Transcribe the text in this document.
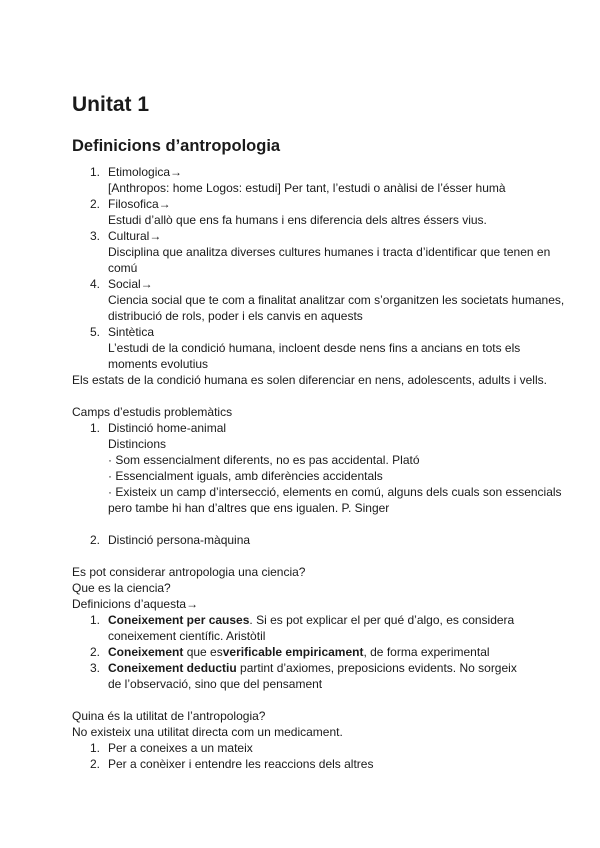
Unitat 1
Definicions d’antropologia
1. Etimologica→
[Anthropos: home Logos: estudi] Per tant, l’estudi o anàlisi de l’ésser humà
2. Filosofica→
Estudi d’allò que ens fa humans i ens diferencia dels altres éssers vius.
3. Cultural→
Disciplina que analitza diverses cultures humanes i tracta d’identificar que tenen en
comú
4. Social→
Ciencia social que te com a finalitat analitzar com s’organitzen les societats humanes,
distribució de rols, poder i els canvis en aquests
5. Sintètica
L’estudi de la condició humana, incloent desde nens fins a ancians en tots els
moments evolutius
Els estats de la condició humana es solen diferenciar en nens, adolescents, adults i vells.
Camps d’estudis problemàtics
1. Distinció home-animal
Distincions
· Som essencialment diferents, no es pas accidental. Plató
· Essencialment iguals, amb diferències accidentals
· Existeix un camp d’intersecció, elements en comú, alguns dels cuals son essencials
pero tambe hi han d’altres que ens igualen. P. Singer
2. Distinció persona-màquina
Es pot considerar antropologia una ciencia?
Que es la ciencia?
Definicions d’aquesta→
1. Coneixement per causes. Si es pot explicar el per qué d’algo, es considera
coneixement científic. Aristòtil
2. Coneixement que esverificable empiricament, de forma experimental
3. Coneixement deductiu partint d’axiomes, preposicions evidents. No sorgeix
de l’observació, sino que del pensament
Quina és la utilitat de l’antropologia?
No existeix una utilitat directa com un medicament.
1. Per a coneixes a un mateix
2. Per a conèixer i entendre les reaccions dels altres
